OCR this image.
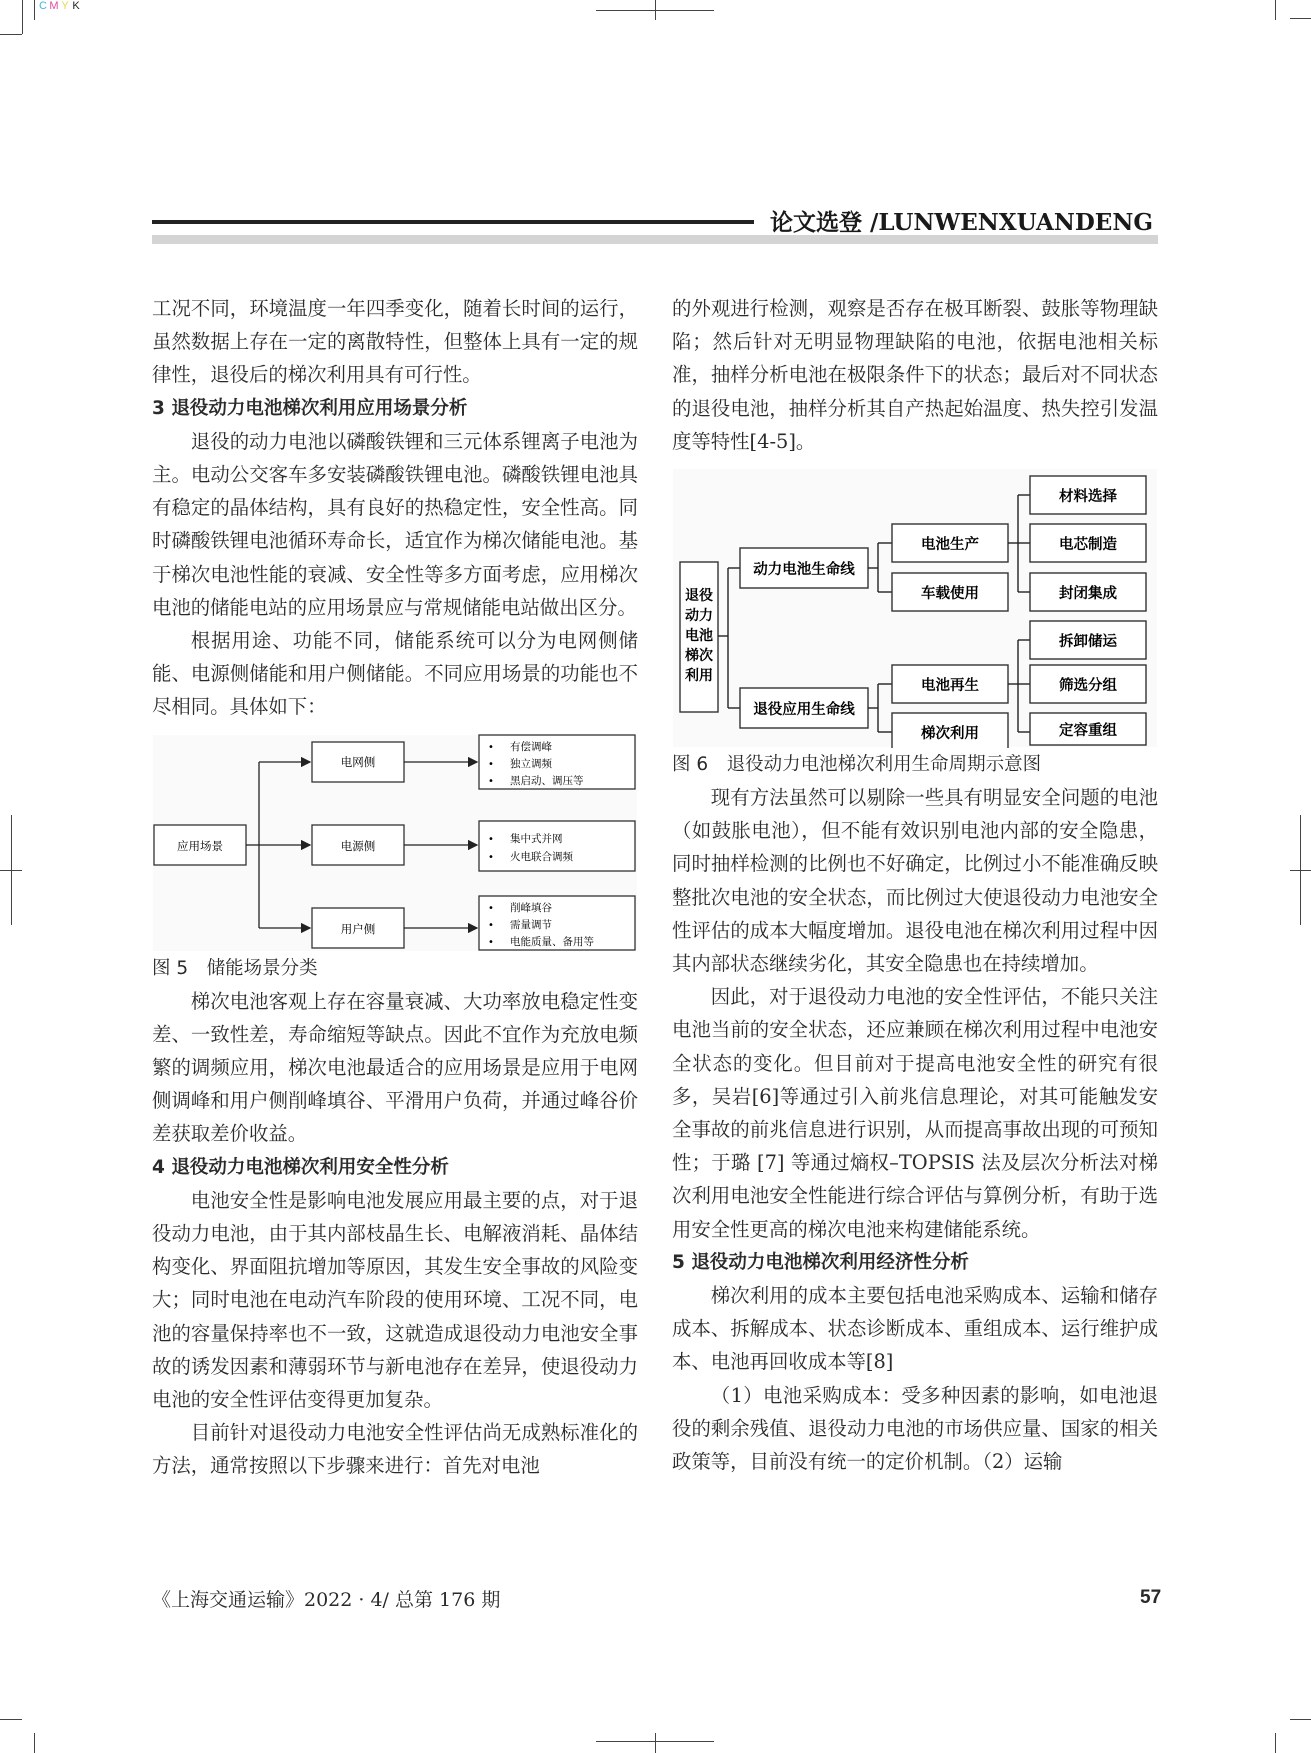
CM Y K
论文选登 /LUNWENXUANDENG

工况不同，环境温度一年四季变化，随着长时间的运行，虽然数据上存在一定的离散特性，但整体上具有一定的规律性，退役后的梯次利用具有可行性。

3 退役动力电池梯次利用应用场景分析

退役的动力电池以磷酸铁锂和三元体系锂离子电池为主。电动公交客车多安装磷酸铁锂电池。磷酸铁锂电池具有稳定的晶体结构，具有良好的热稳定性，安全性高。同时磷酸铁锂电池循环寿命长，适宜作为梯次储能电池。基于梯次电池性能的衰减、安全性等多方面考虑，应用梯次电池的储能电站的应用场景应与常规储能电站做出区分。

根据用途、功能不同，储能系统可以分为电网侧储能、电源侧储能和用户侧储能。不同应用场景的功能也不尽相同。具体如下：

应用场景
电网侧
电源侧
用户侧
• 有偿调峰
• 独立调频
• 黑启动、调压等
• 集中式并网
• 火电联合调频
• 削峰填谷
• 需量调节
• 电能质量、备用等

图 5　储能场景分类

梯次电池客观上存在容量衰减、大功率放电稳定性变差、一致性差，寿命缩短等缺点。因此不宜作为充放电频繁的调频应用，梯次电池最适合的应用场景是应用于电网侧调峰和用户侧削峰填谷、平滑用户负荷，并通过峰谷价差获取差价收益。

4 退役动力电池梯次利用安全性分析

电池安全性是影响电池发展应用最主要的点，对于退役动力电池，由于其内部枝晶生长、电解液消耗、晶体结构变化、界面阻抗增加等原因，其发生安全事故的风险变大；同时电池在电动汽车阶段的使用环境、工况不同，电池的容量保持率也不一致，这就造成退役动力电池安全事故的诱发因素和薄弱环节与新电池存在差异，使退役动力电池的安全性评估变得更加复杂。

目前针对退役动力电池安全性评估尚无成熟标准化的方法，通常按照以下步骤来进行：首先对电池

的外观进行检测，观察是否存在极耳断裂、鼓胀等物理缺陷；然后针对无明显物理缺陷的电池，依据电池相关标准，抽样分析电池在极限条件下的状态；最后对不同状态的退役电池，抽样分析其自产热起始温度、热失控引发温度等特性[4-5]。

退役
动力
电池
梯次
利用
动力电池生命线
退役应用生命线
电池生产
车载使用
电池再生
梯次利用
材料选择
电芯制造
封闭集成
拆卸储运
筛选分组
定容重组

图 6　退役动力电池梯次利用生命周期示意图

现有方法虽然可以剔除一些具有明显安全问题的电池（如鼓胀电池），但不能有效识别电池内部的安全隐患，同时抽样检测的比例也不好确定，比例过小不能准确反映整批次电池的安全状态，而比例过大使退役动力电池安全性评估的成本大幅度增加。退役电池在梯次利用过程中因其内部状态继续劣化，其安全隐患也在持续增加。

因此，对于退役动力电池的安全性评估，不能只关注电池当前的安全状态，还应兼顾在梯次利用过程中电池安全状态的变化。但目前对于提高电池安全性的研究有很多，吴岩[6]等通过引入前兆信息理论，对其可能触发安全事故的前兆信息进行识别，从而提高事故出现的可预知性；于璐 [7] 等通过熵权–TOPSIS 法及层次分析法对梯次利用电池安全性能进行综合评估与算例分析，有助于选用安全性更高的梯次电池来构建储能系统。

5 退役动力电池梯次利用经济性分析

梯次利用的成本主要包括电池采购成本、运输和储存成本、拆解成本、状态诊断成本、重组成本、运行维护成本、电池再回收成本等[8]

（1）电池采购成本：受多种因素的影响，如电池退役的剩余残值、退役动力电池的市场供应量、国家的相关政策等，目前没有统一的定价机制。（2）运输

《上海交通运输》2022 · 4/ 总第 176 期	57
